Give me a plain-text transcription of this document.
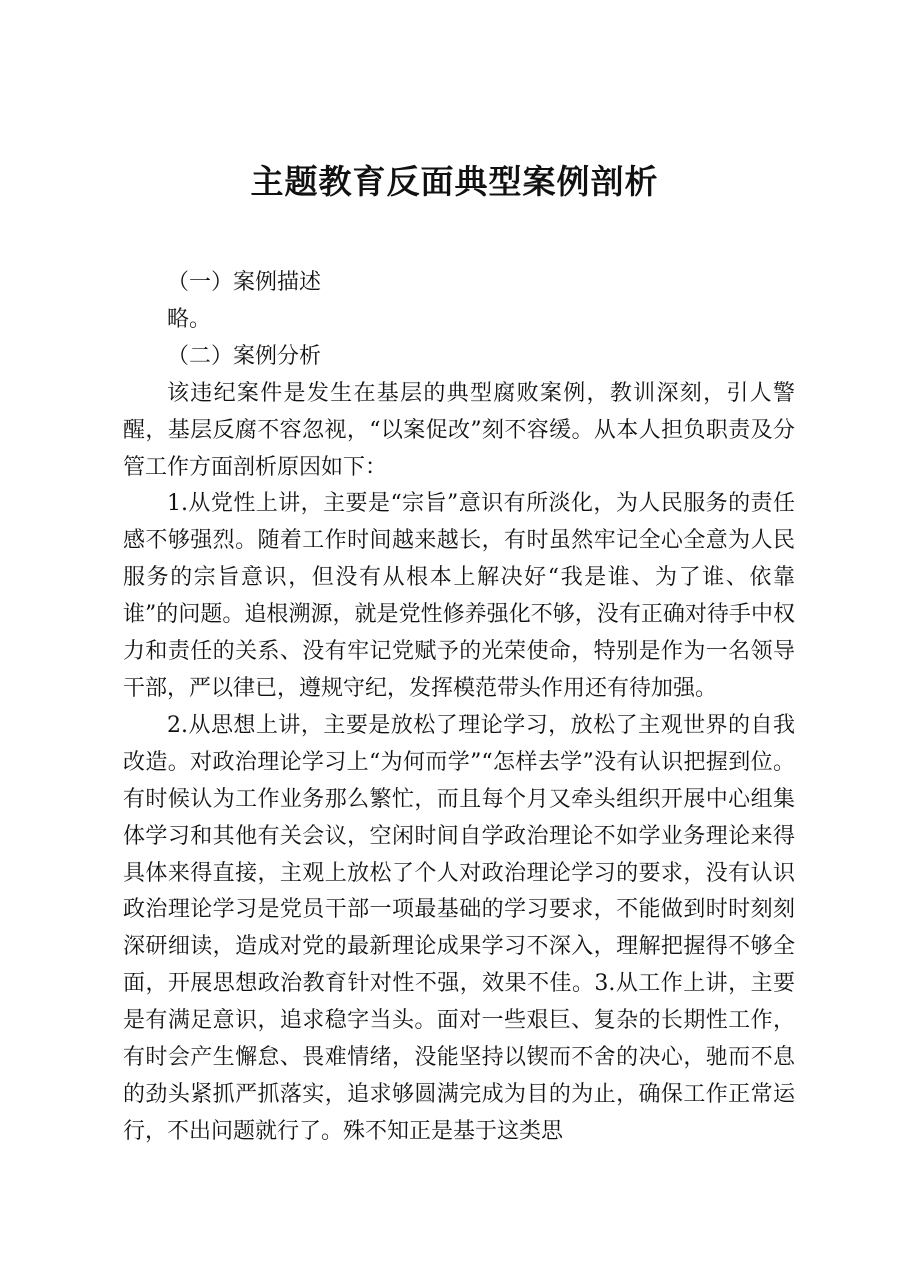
主题教育反面典型案例剖析

（一）案例描述

略。

（二）案例分析

该违纪案件是发生在基层的典型腐败案例，教训深刻，引人警醒，基层反腐不容忽视，“以案促改”刻不容缓。从本人担负职责及分管工作方面剖析原因如下：

1.从党性上讲，主要是“宗旨”意识有所淡化，为人民服务的责任感不够强烈。随着工作时间越来越长，有时虽然牢记全心全意为人民服务的宗旨意识，但没有从根本上解决好“我是谁、为了谁、依靠谁”的问题。追根溯源，就是党性修养强化不够，没有正确对待手中权力和责任的关系、没有牢记党赋予的光荣使命，特别是作为一名领导干部，严以律已，遵规守纪，发挥模范带头作用还有待加强。

2.从思想上讲，主要是放松了理论学习，放松了主观世界的自我改造。对政治理论学习上“为何而学”“怎样去学”没有认识把握到位。有时候认为工作业务那么繁忙，而且每个月又牵头组织开展中心组集体学习和其他有关会议，空闲时间自学政治理论不如学业务理论来得具体来得直接，主观上放松了个人对政治理论学习的要求，没有认识政治理论学习是党员干部一项最基础的学习要求，不能做到时时刻刻深研细读，造成对党的最新理论成果学习不深入，理解把握得不够全面，开展思想政治教育针对性不强，效果不佳。3.从工作上讲，主要是有满足意识，追求稳字当头。面对一些艰巨、复杂的长期性工作，有时会产生懈怠、畏难情绪，没能坚持以锲而不舍的决心，驰而不息的劲头紧抓严抓落实，追求够圆满完成为目的为止，确保工作正常运行，不出问题就行了。殊不知正是基于这类思
